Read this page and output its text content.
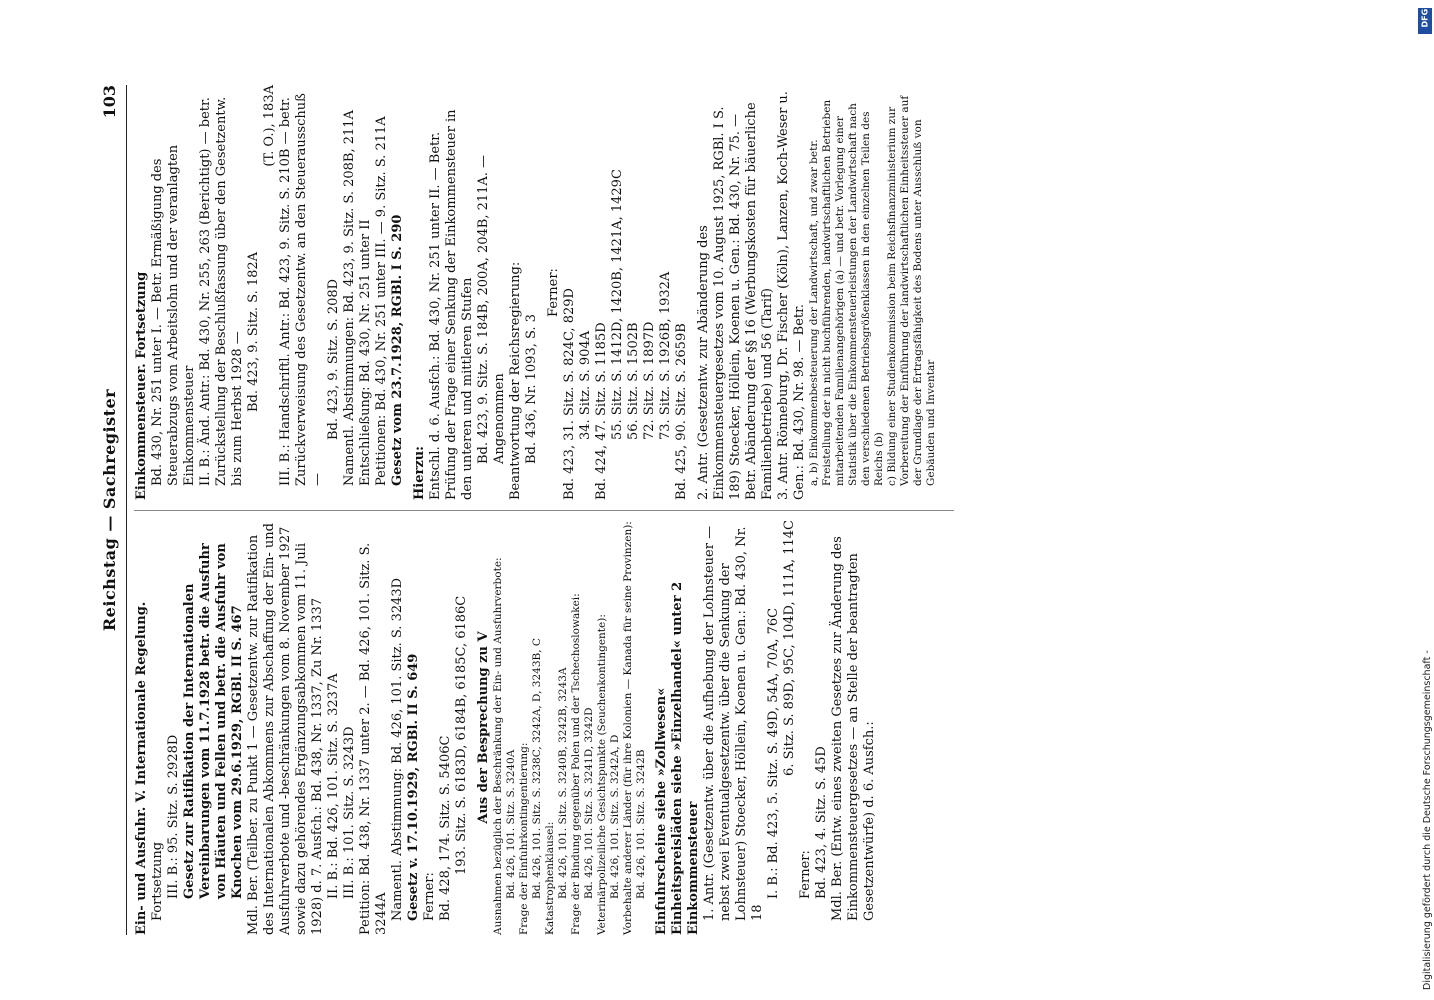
Reichstag — Sachregister
103

Ein- und Ausfuhr. V. Internationale Regelung. Fortsetzung III. B.: 95. Sitz. S. 2928D Gesetz zur Ratifikation der Internationalen Vereinbarungen vom 11.7.1928 betr. die Ausfuhr von Häuten und Fellen und betr. die Ausfuhr von Knochen vom 29.6.1929, RGBl. II S. 467 Mdl. Ber. (Teilber. zu Punkt 1 — Gesetzentw. zur Ratifikation des Internationalen Abkommens zur Abschaffung der Ein- und Ausfuhrverbote und -beschränkungen vom 8. November 1927 sowie dazu gehörendes Ergänzungsabkommen vom 11. Juli 1928) d. 7. Ausfch.: Bd. 438, Nr. 1337, Zu Nr. 1337 II. B.: Bd. 426, 101. Sitz. S. 3237A III. B.: 101. Sitz. S. 3243D Petition: Bd. 438, Nr. 1337 unter 2. — Bd. 426, 101. Sitz. S. 3244A Namentl. Abstimmung: Bd. 426, 101. Sitz. S. 3243D Gesetz v. 17.10.1929, RGBl. II S. 649 Ferner: Bd. 428, 174. Sitz. S. 5406C 193. Sitz. S. 6183D, 6184B, 6185C, 6186C Aus der Besprechung zu V Ausnahmen bezüglich der Beschränkung der Ein- und Ausfuhrverbote: Bd. 426, 101. Sitz. S. 3240A Frage der Einfuhrkontingentierung: Bd. 426, 101. Sitz. S. 3238C, 3242A, D, 3243B, C Katastrophenklausel: Bd. 426, 101. Sitz. S. 3240B, 3242B, 3243A Frage der Bindung gegenüber Polen und der Tschechoslowakei: Bd. 426, 101. Sitz. S. 3241D, 3242D Veterinärpolizeiliche Gesichtspunkte (Seuchenkontingente): Bd. 426, 101. Sitz. S. 3242A, D Vorbehalte anderer Länder (für ihre Kolonien — Kanada für seine Provinzen): Bd. 426, 101. Sitz. S. 3242B Einfuhrscheine siehe »Zollwesen« Einheitspreisläden siehe »Einzelhandel« unter 2 Einkommensteuer 1. Antr. (Gesetzentw. über die Aufhebung der Lohnsteuer — nebst zwei Eventualgesetzentw. über die Senkung der Lohnsteuer) Stoecker, Höllein, Koenen u. Gen.: Bd. 430, Nr. 18

I. B.: Bd. 423, 5. Sitz. S. 49D, 54A, 70A, 76C 6. Sitz. S. 89D, 95C, 104D, 111A, 114C

Ferner: Bd. 423, 4. Sitz. S. 45D Mdl. Ber. (Entw. eines zweiten Gesetzes zur Änderung des Einkommensteuergesetzes — an Stelle der beantragten Gesetzentwürfe) d. 6. Ausfch.:

Einkommensteuer. Fortsetzung Bd. 430, Nr. 251 unter I. — Betr. Ermäßigung des Steuerabzugs vom Arbeitslohn und der veranlagten Einkommensteuer II. B.: Änd. Antr.: Bd. 430, Nr. 255, 263 (Berichtigt) — betr. Zurückstellung der Beschlußfassung über den Gesetzentw. bis zum Herbst 1928 — Bd. 423, 9. Sitz. S. 182A

(T. O.), 183A III. B.: Handschriftl. Antr.: Bd. 423, 9. Sitz. S. 210B — betr. Zurückverweisung des Gesetzentw. an den Steuerausschuß —

Bd. 423, 9. Sitz. S. 208D Namentl. Abstimmungen: Bd. 423, 9. Sitz. S. 208B, 211A Entschließung: Bd. 430, Nr. 251 unter II Petitionen: Bd. 430, Nr. 251 unter III. — 9. Sitz. S. 211A Gesetz vom 23.7.1928, RGBl. I S. 290 Hierzu: Entschl. d. 6. Ausfch.: Bd. 430, Nr. 251 unter II. — Betr. Prüfung der Frage einer Senkung der Einkommensteuer in den unteren und mittleren Stufen Bd. 423, 9. Sitz. S. 184B, 200A, 204B, 211A. — Angenommen Beantwortung der Reichsregierung: Bd. 436, Nr. 1093, S. 3

Ferner: Bd. 423, 31. Sitz. S. 824C, 829D 34. Sitz. S. 904A Bd. 424, 47. Sitz. S. 1185D 55. Sitz. S. 1412D, 1420B, 1421A, 1429C 56. Sitz. S. 1502B 72. Sitz. S. 1897D 73. Sitz. S. 1926B, 1932A Bd. 425, 90. Sitz. S. 2659B 2. Antr. (Gesetzentw. zur Abänderung des Einkommensteuergesetzes vom 10. August 1925, RGBl. I S. 189) Stoecker, Höllein, Koenen u. Gen.: Bd. 430, Nr. 75. — Betr. Abänderung der §§ 16 (Werbungskosten für bäuerliche Familienbetriebe) und 56 (Tarif) 3. Antr. Rönneburg, Dr. Fischer (Köln), Lanzen, Koch-Weser u. Gen.: Bd. 430, Nr. 98. — Betr. a, b) Einkommenbesteuerung der Landwirtschaft, und zwar betr. Freistellung der in nicht buchführenden, landwirtschaftlichen Betrieben mitarbeitenden Familienangehörigen (a) — und betr. Vorlegung einer Statistik über die Einkommensteuerleistungen der Landwirtschaft nach den verschiedenen Betriebsgrößenklassen in den einzelnen Teilen des Reichs (b) c) Bildung einer Studienkommission beim Reichsfinanzministerium zur Vorbereitung der Einführung der landwirtschaftlichen Einheitssteuer auf der Grundlage der Ertragsfähigkeit des Bodens unter Ausschluß von Gebäuden und Inventar

DFG
Digitalisierung gefördert durch die Deutsche Forschungsgemeinschaft -
